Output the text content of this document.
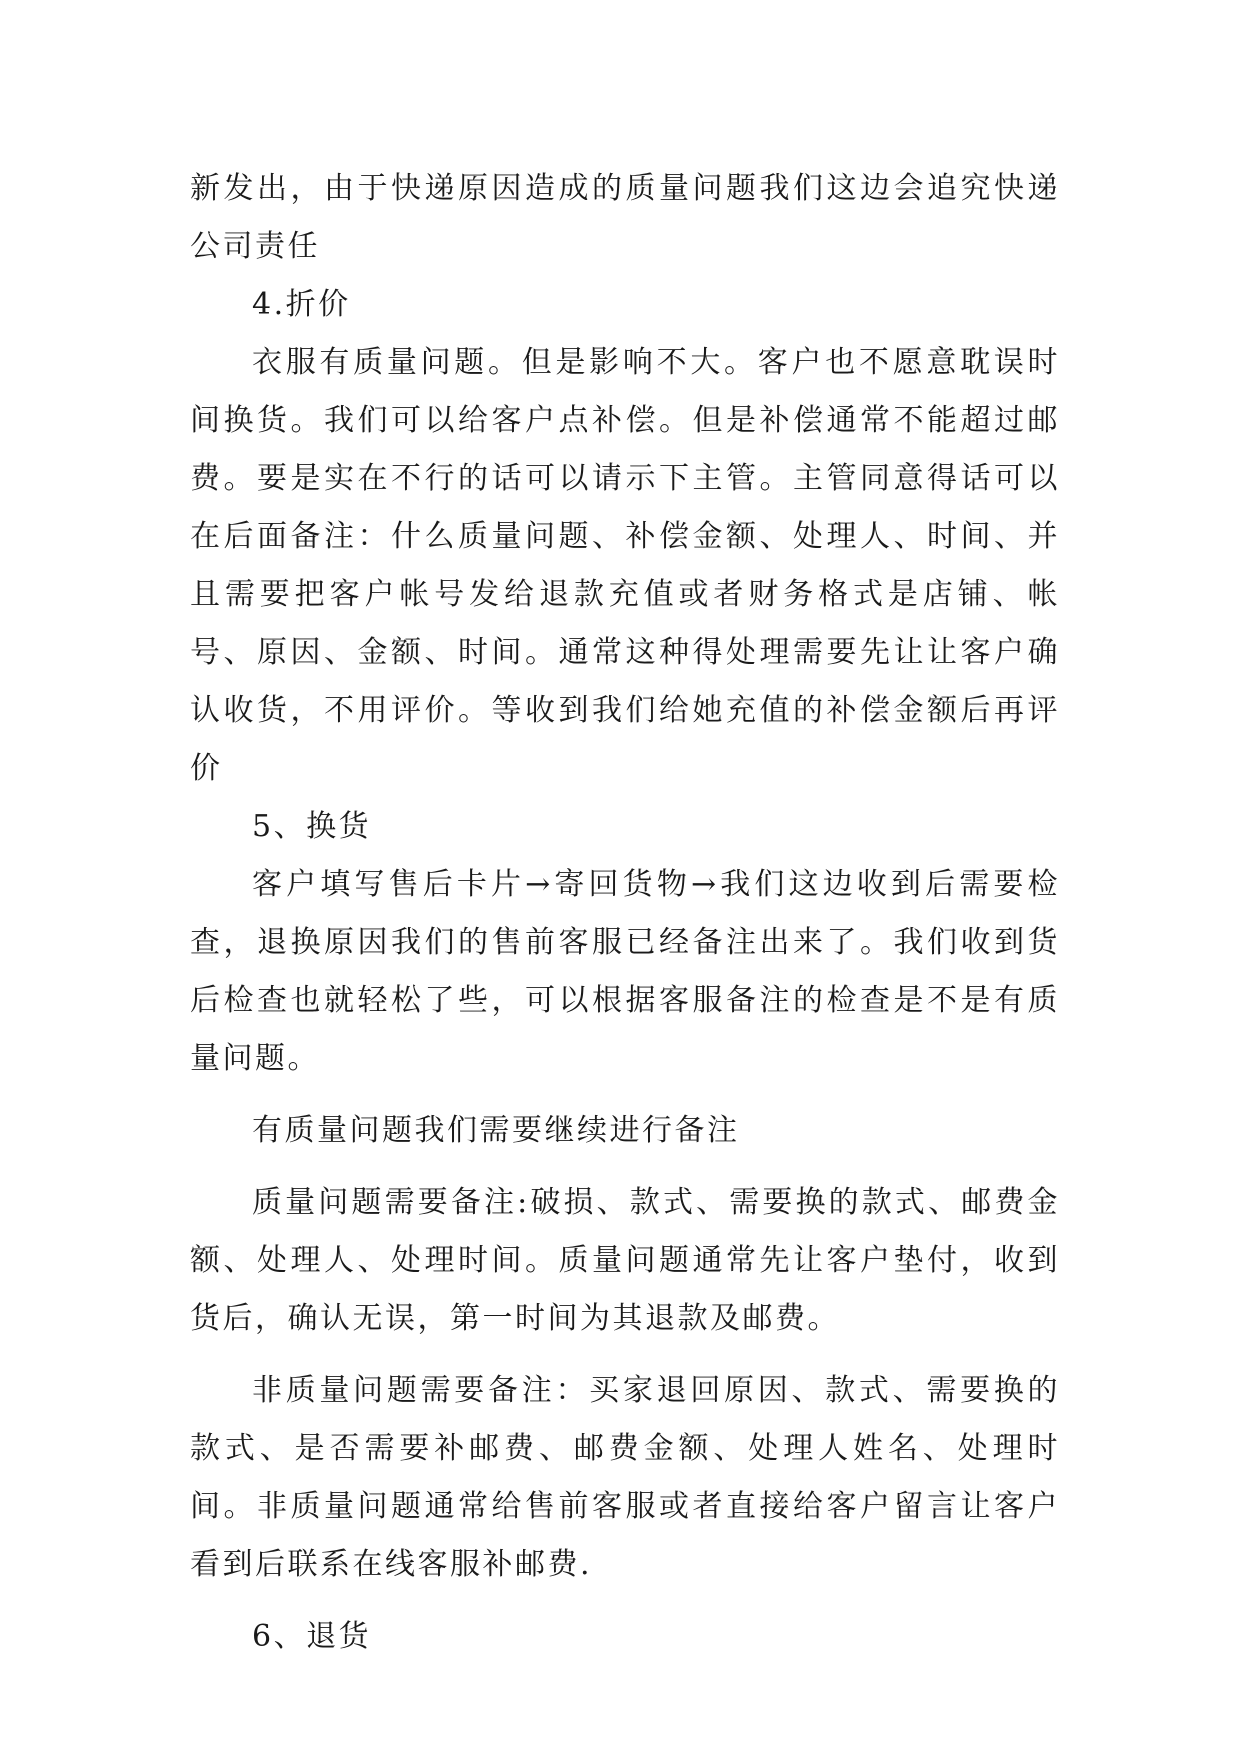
新发出，由于快递原因造成的质量问题我们这边会追究快递公司责任

4.折价

衣服有质量问题。但是影响不大。客户也不愿意耽误时间换货。我们可以给客户点补偿。但是补偿通常不能超过邮费。要是实在不行的话可以请示下主管。主管同意得话可以在后面备注：什么质量问题、补偿金额、处理人、时间、并且需要把客户帐号发给退款充值或者财务格式是店铺、帐号、原因、金额、时间。通常这种得处理需要先让让客户确认收货，不用评价。等收到我们给她充值的补偿金额后再评价

5、换货

客户填写售后卡片→寄回货物→我们这边收到后需要检查，退换原因我们的售前客服已经备注出来了。我们收到货后检查也就轻松了些，可以根据客服备注的检查是不是有质量问题。

有质量问题我们需要继续进行备注

质量问题需要备注:破损、款式、需要换的款式、邮费金额、处理人、处理时间。质量问题通常先让客户垫付，收到货后，确认无误，第一时间为其退款及邮费。

非质量问题需要备注：买家退回原因、款式、需要换的款式、是否需要补邮费、邮费金额、处理人姓名、处理时间。非质量问题通常给售前客服或者直接给客户留言让客户看到后联系在线客服补邮费.

6、退货
